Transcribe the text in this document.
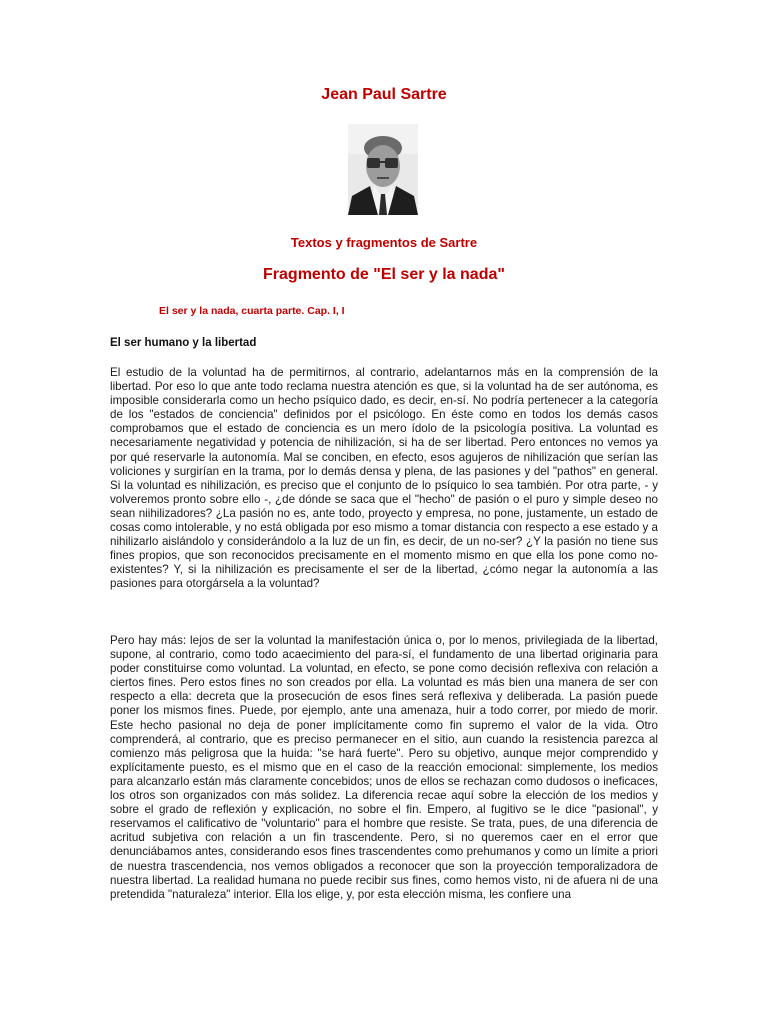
Jean Paul Sartre
Textos y fragmentos de Sartre
Fragmento de "El ser y la nada"
El ser y la nada, cuarta parte. Cap. I, I
El ser humano y la libertad

El estudio de la voluntad ha de permitirnos, al contrario, adelantarnos más en la comprensión de la libertad. Por eso lo que ante todo reclama nuestra atención es que, si la voluntad ha de ser autónoma, es imposible considerarla como un hecho psíquico dado, es decir, en-sí. No podría pertenecer a la categoría de los "estados de conciencia" definidos por el psicólogo. En éste como en todos los demás casos comprobamos que el estado de conciencia es un mero ídolo de la psicología positiva. La voluntad es necesariamente negatividad y potencia de nihilización, si ha de ser libertad. Pero entonces no vemos ya por qué reservarle la autonomía. Mal se conciben, en efecto, esos agujeros de nihilización que serían las voliciones y surgirían en la trama, por lo demás densa y plena, de las pasiones y del "pathos" en general. Si la voluntad es nihilización, es preciso que el conjunto de lo psíquico lo sea también. Por otra parte, - y volveremos pronto sobre ello -, ¿de dónde se saca que el "hecho" de pasión o el puro y simple deseo no sean niihilizadores? ¿La pasión no es, ante todo, proyecto y empresa, no pone, justamente, un estado de cosas como intolerable, y no está obligada por eso mismo a tomar distancia con respecto a ese estado y a nihilizarlo aislándolo y considerándolo a la luz de un fin, es decir, de un no-ser? ¿Y la pasión no tiene sus fines propios, que son reconocidos precisamente en el momento mismo en que ella los pone como no-existentes? Y, si la nihilización es precisamente el ser de la libertad, ¿cómo negar la autonomía a las pasiones para otorgársela a la voluntad?

Pero hay más: lejos de ser la voluntad la manifestación única o, por lo menos, privilegiada de la libertad, supone, al contrario, como todo acaecimiento del para-sí, el fundamento de una libertad originaria para poder constituirse como voluntad. La voluntad, en efecto, se pone como decisión reflexiva con relación a ciertos fines. Pero estos fines no son creados por ella. La voluntad es más bien una manera de ser con respecto a ella: decreta que la prosecución de esos fines será reflexiva y deliberada. La pasión puede poner los mismos fines. Puede, por ejemplo, ante una amenaza, huir a todo correr, por miedo de morir. Este hecho pasional no deja de poner implícitamente como fin supremo el valor de la vida. Otro comprenderá, al contrario, que es preciso permanecer en el sitio, aun cuando la resistencia parezca al comienzo más peligrosa que la huida: "se hará fuerte". Pero su objetivo, aunque mejor comprendido y explícitamente puesto, es el mismo que en el caso de la reacción emocional: simplemente, los medios para alcanzarlo están más claramente concebidos; unos de ellos se rechazan como dudosos o ineficaces, los otros son organizados con más solidez. La diferencia recae aquí sobre la elección de los medios y sobre el grado de reflexión y explicación, no sobre el fin. Empero, al fugitivo se le dice "pasional", y reservamos el calificativo de "voluntario" para el hombre que resiste. Se trata, pues, de una diferencia de acritud subjetiva con relación a un fin trascendente. Pero, si no queremos caer en el error que denunciábamos antes, considerando esos fines trascendentes como prehumanos y como un límite a priori de nuestra trascendencia, nos vemos obligados a reconocer que son la proyección temporalizadora de nuestra libertad. La realidad humana no puede recibir sus fines, como hemos visto, ni de afuera ni de una pretendida "naturaleza" interior. Ella los elige, y, por esta elección misma, les confiere una
